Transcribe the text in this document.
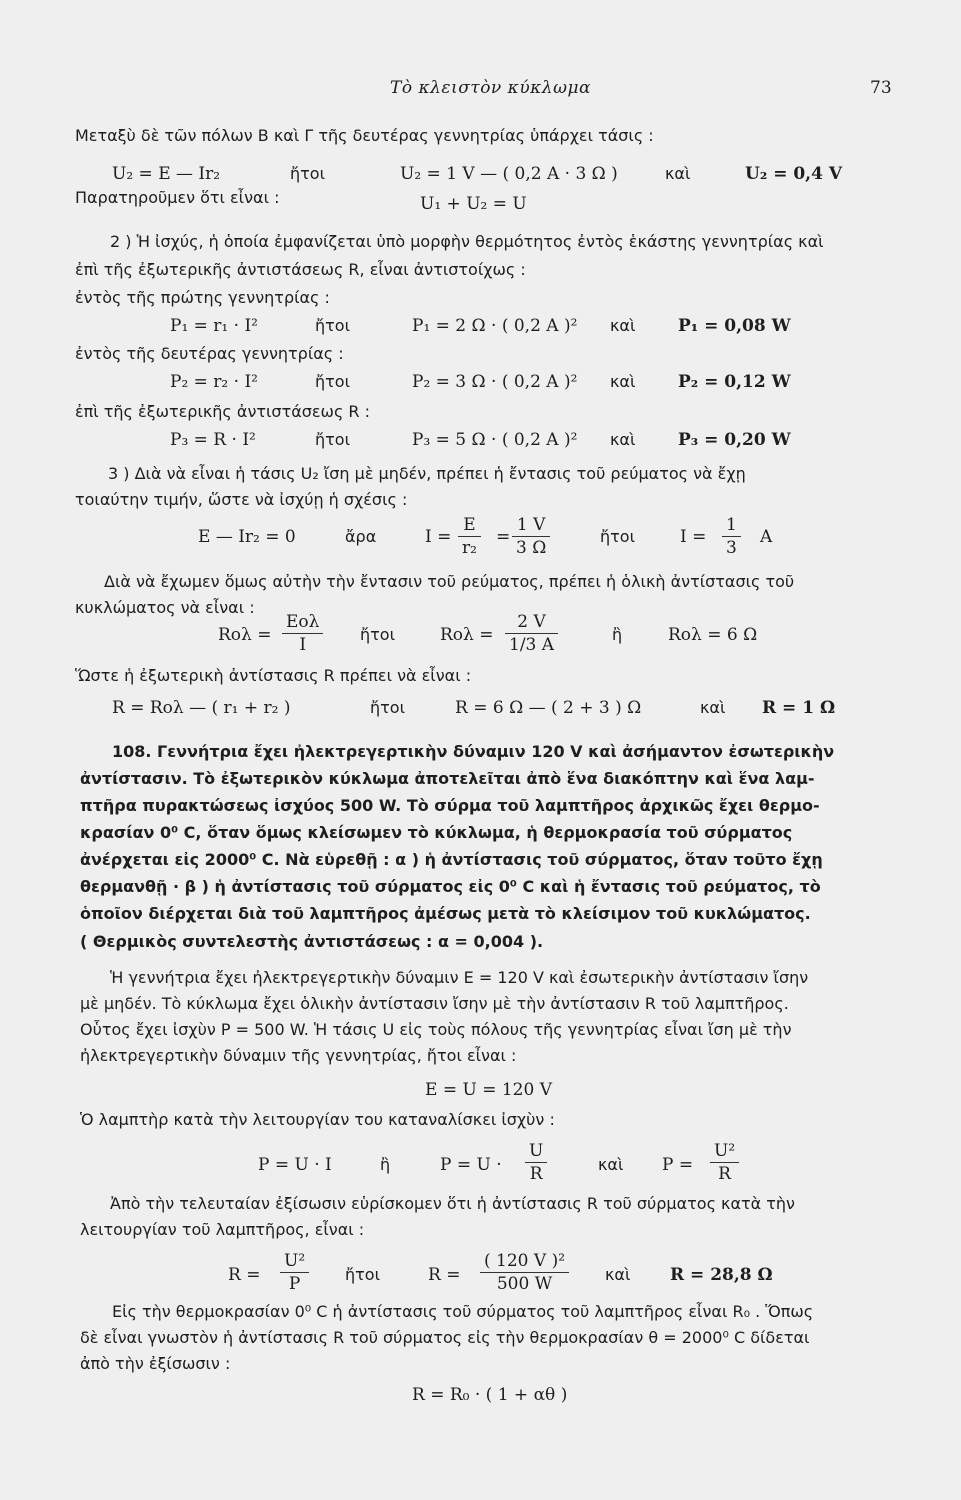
Τὸ κλειστὸν κύκλωμα	73
Μεταξὺ δὲ τῶν πόλων Β καὶ Γ τῆς δευτέρας γεννητρίας ὑπάρχει τάσις :
U₂ = E — Ir₂	ἤτοι	U₂ = 1 V — ( 0,2 A · 3 Ω )	καὶ	U₂ = 0,4 V
Παρατηροῦμεν ὅτι εἶναι :	U₁ + U₂ = U
2 ) Ἡ ἰσχύς, ἡ ὁποία ἐμφανίζεται ὑπὸ μορφὴν θερμότητος ἐντὸς ἑκάστης γεννητρίας καὶ
ἐπὶ τῆς ἐξωτερικῆς ἀντιστάσεως R, εἶναι ἀντιστοίχως :
ἐντὸς τῆς πρώτης γεννητρίας :
P₁ = r₁ · I²	ἤτοι	P₁ = 2 Ω · ( 0,2 A )² καὶ	P₁ = 0,08 W
ἐντὸς τῆς δευτέρας γεννητρίας :
P₂ = r₂ · I²	ἤτοι	P₂ = 3 Ω · ( 0,2 A )² καὶ	P₂ = 0,12 W
ἐπὶ τῆς ἐξωτερικῆς ἀντιστάσεως R :
P₃ = R · I²	ἤτοι	P₃ = 5 Ω · ( 0,2 A )² καὶ	P₃ = 0,20 W
3 ) Διὰ νὰ εἶναι ἡ τάσις U₂ ἴση μὲ μηδέν, πρέπει ἡ ἔντασις τοῦ ρεύματος νὰ ἔχῃ
τοιαύτην τιμήν, ὥστε νὰ ἰσχύῃ ἡ σχέσις :
E — Ir₂ = 0	ἄρα	$I = \frac{E}{\text{r₂}} = \frac{1 V}{3 \Omega}$	ἤτοι	$I = \frac{1}{3}$ A
Διὰ νὰ ἔχωμεν ὅμως αὐτὴν τὴν ἔντασιν τοῦ ρεύματος, πρέπει ἡ ὁλικὴ ἀντίστασις τοῦ
κυκλώματος νὰ εἶναι :
Rολ =
Eολ
I
ἤτοι	$Ro\lambda = \frac{2 V}{1/3 A}$	ἢ	Rολ = 6 Ω
Ὥστε ἡ ἐξωτερικὴ ἀντίστασις R πρέπει νὰ εἶναι :
R = Rολ — ( r₁ + r₂ )	ἤτοι	R = 6 Ω — ( 2 + 3 ) Ω	καὶ R = 1 Ω
108. Γεννήτρια ἔχει ἠλεκτρεγερτικὴν δύναμιν 120 V καὶ ἀσήμαντον ἐσωτερικὴν
ἀντίστασιν. Τὸ ἐξωτερικὸν κύκλωμα ἀποτελεῖται ἀπὸ ἕνα διακόπτην καὶ ἕνα λαμ-
πτῆρα πυρακτώσεως ἰσχύος 500 W. Τὸ σύρμα τοῦ λαμπτῆρος ἀρχικῶς ἔχει θερμο-
κρασίαν 0⁰ C, ὅταν ὅμως κλείσωμεν τὸ κύκλωμα, ἡ θερμοκρασία τοῦ σύρματος
ἀνέρχεται εἰς 2000⁰ C. Νὰ εὑρεθῇ : α ) ἡ ἀντίστασις τοῦ σύρματος, ὅταν τοῦτο ἔχῃ
θερμανθῇ · β ) ἡ ἀντίστασις τοῦ σύρματος εἰς 0⁰ C καὶ ἡ ἔντασις τοῦ ρεύματος, τὸ
ὁποῖον διέρχεται διὰ τοῦ λαμπτῆρος ἀμέσως μετὰ τὸ κλείσιμον τοῦ κυκλώματος.
( Θερμικὸς συντελεστὴς ἀντιστάσεως : α = 0,004 ).
Ἡ γεννήτρια ἔχει ἠλεκτρεγερτικὴν δύναμιν E = 120 V καὶ ἐσωτερικὴν ἀντίστασιν ἴσην
μὲ μηδέν. Τὸ κύκλωμα ἔχει ὁλικὴν ἀντίστασιν ἴσην μὲ τὴν ἀντίστασιν R τοῦ λαμπτῆρος.
Οὗτος ἔχει ἰσχὺν P = 500 W. Ἡ τάσις U εἰς τοὺς πόλους τῆς γεννητρίας εἶναι ἴση μὲ τὴν
ἠλεκτρεγερτικὴν δύναμιν τῆς γεννητρίας, ἤτοι εἶναι :
E = U = 120 V
Ὁ λαμπτὴρ κατὰ τὴν λειτουργίαν του καταναλίσκει ἰσχὺν :
P = U · I	ἢ	$P = U \cdot \frac{U}{R}$	καὶ $P = \frac{\text{U²}}{R}$
Ἀπὸ τὴν τελευταίαν ἐξίσωσιν εὑρίσκομεν ὅτι ἡ ἀντίστασις R τοῦ σύρματος κατὰ τὴν
λειτουργίαν τοῦ λαμπτῆρος, εἶναι :
$R = \frac{\text{U²}}{P}$ ἤτοι	$R = \frac{\text{( 120 V )²}}{500 W}$ καὶ R = 28,8 Ω
Εἰς τὴν θερμοκρασίαν 0⁰ C ἡ ἀντίστασις τοῦ σύρματος τοῦ λαμπτῆρος εἶναι R₀ . Ὅπως
δὲ εἶναι γνωστὸν ἡ ἀντίστασις R τοῦ σύρματος εἰς τὴν θερμοκρασίαν θ = 2000⁰ C δίδεται
ἀπὸ τὴν ἐξίσωσιν :
R = R₀ · ( 1 + αθ )
